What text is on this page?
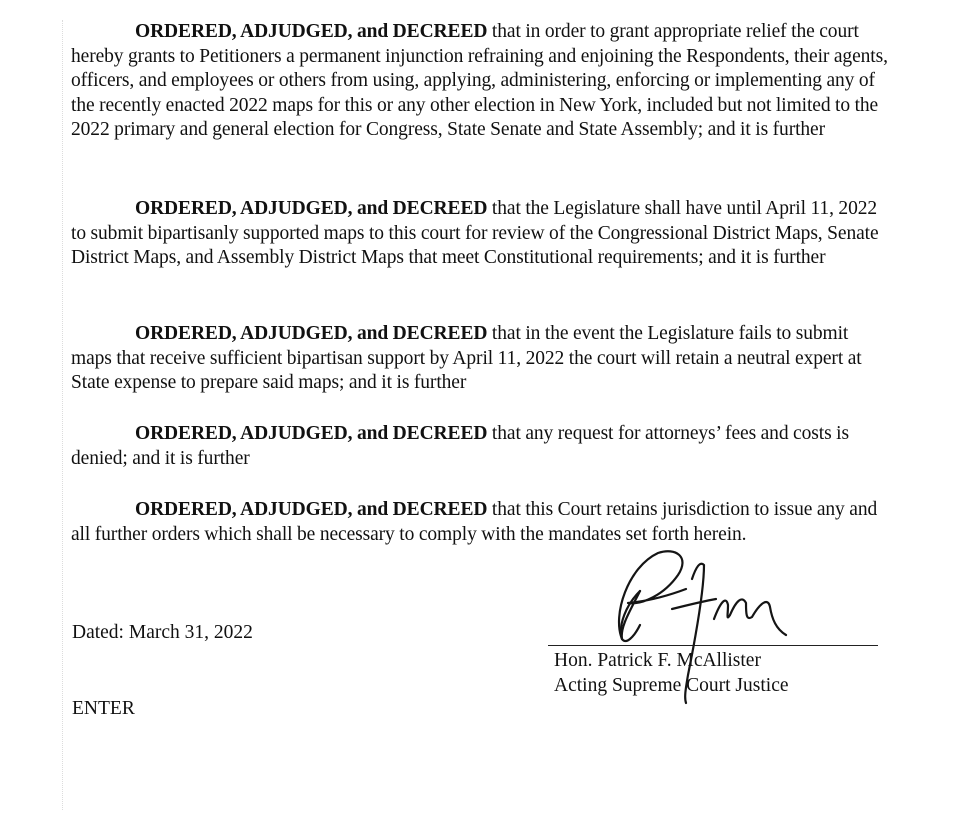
ORDERED, ADJUDGED, and DECREED that in order to grant appropriate relief the court hereby grants to Petitioners a permanent injunction refraining and enjoining the Respondents, their agents, officers, and employees or others from using, applying, administering, enforcing or implementing any of the recently enacted 2022 maps for this or any other election in New York, included but not limited to the 2022 primary and general election for Congress, State Senate and State Assembly; and it is further

ORDERED, ADJUDGED, and DECREED that the Legislature shall have until April 11, 2022 to submit bipartisanly supported maps to this court for review of the Congressional District Maps, Senate District Maps, and Assembly District Maps that meet Constitutional requirements; and it is further

ORDERED, ADJUDGED, and DECREED that in the event the Legislature fails to submit maps that receive sufficient bipartisan support by April 11, 2022 the court will retain a neutral expert at State expense to prepare said maps; and it is further

ORDERED, ADJUDGED, and DECREED that any request for attorneys’ fees and costs is denied; and it is further

ORDERED, ADJUDGED, and DECREED that this Court retains jurisdiction to issue any and all further orders which shall be necessary to comply with the mandates set forth herein.

Dated: March 31, 2022
Hon. Patrick F. McAllister
Acting Supreme Court Justice
ENTER
